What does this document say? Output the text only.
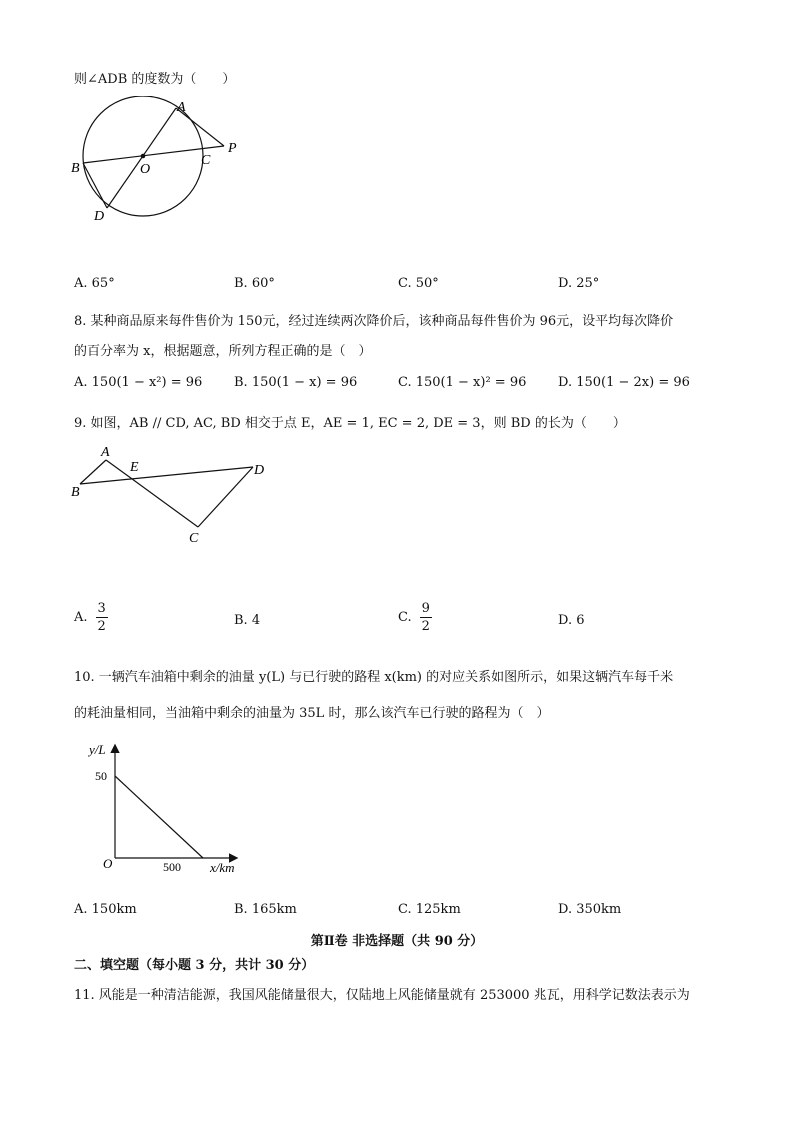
则∠ADB 的度数为（　　）
A
B
C
D
O
P
A. 65°	B. 60°	C. 50°	D. 25°
8. 某种商品原来每件售价为 150元，经过连续两次降价后，该种商品每件售价为 96元，设平均每次降价
的百分率为 x，根据题意，所列方程正确的是（　）
A. 150(1 − x²) = 96 B. 150(1 − x) = 96	C. 150(1 − x)² = 96 D. 150(1 − 2x) = 96
9. 如图，AB // CD, AC, BD 相交于点 E，AE = 1, EC = 2, DE = 3，则 BD 的长为（　　）
A
B
E	D
C
A. $\frac{3}{2}$	B. 4	C. $\frac{9}{2}$	D. 6
10. 一辆汽车油箱中剩余的油量 y(L) 与已行驶的路程 x(km) 的对应关系如图所示，如果这辆汽车每千米
的耗油量相同，当油箱中剩余的油量为 35L 时，那么该汽车已行驶的路程为（　）
y/L
x/km
O
50
500
A. 150km	B. 165km	C. 125km	D. 350km
第Ⅱ卷 非选择题（共 90 分）
二、填空题（每小题 3 分，共计 30 分）
11. 风能是一种清洁能源，我国风能储量很大，仅陆地上风能储量就有 253000 兆瓦，用科学记数法表示为
